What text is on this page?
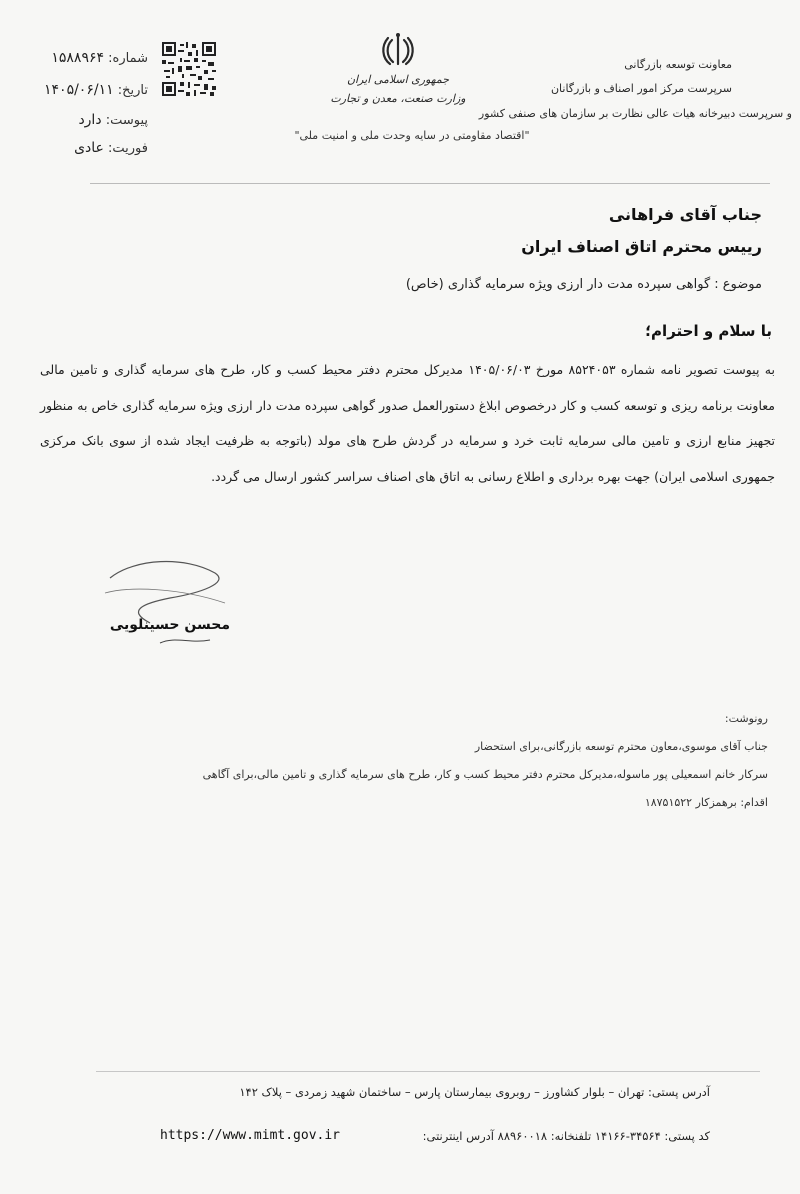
شماره: ۱۵۸۸۹۶۴
تاریخ: ۱۴۰۵/۰۶/۱۱
پیوست: دارد
فوریت: عادی
جمهوری اسلامی ایران
وزارت صنعت، معدن و تجارت
معاونت توسعه بازرگانی
سرپرست مرکز امور اصناف و بازرگانان
و سرپرست دبیرخانه هیات عالی نظارت بر سازمان های صنفی کشور
"اقتصاد مقاومتی در سایه وحدت ملی و امنیت ملی"
جناب آقای فراهانی
رییس محترم اتاق اصناف ایران
موضوع : گواهی سپرده مدت دار ارزی ویژه سرمایه گذاری (خاص)
با سلام و احترام؛
به پیوست تصویر نامه شماره ۸۵۲۴۰۵۳ مورخ ۱۴۰۵/۰۶/۰۳ مدیرکل محترم دفتر محیط کسب و کار، طرح های سرمایه گذاری و تامین مالی معاونت برنامه ریزی و توسعه کسب و کار درخصوص ابلاغ دستورالعمل صدور گواهی سپرده مدت دار ارزی ویژه سرمایه گذاری خاص به منظور تجهیز منابع ارزی و تامین مالی سرمایه ثابت خرد و سرمایه در گردش طرح های مولد (باتوجه به ظرفیت ایجاد شده از سوی بانک مرکزی جمهوری اسلامی ایران) جهت بهره برداری و اطلاع رسانی به اتاق های اصناف سراسر کشور ارسال می گردد.
محسن حسینلویی
رونوشت:
جناب آقای موسوی،معاون محترم توسعه بازرگانی،برای استحضار
سرکار خانم اسمعیلی پور ماسوله،مدیرکل محترم دفتر محیط کسب و کار، طرح های سرمایه گذاری و تامین مالی،برای آگاهی
اقدام: برهمزکار ۱۸۷۵۱۵۲۲
آدرس پستی: تهران – بلوار کشاورز – روبروی بیمارستان پارس – ساختمان شهید زمردی – پلاک ۱۴۲
کد پستی: ۳۴۵۶۴-۱۴۱۶۶ تلفنخانه: ۸۸۹۶۰۰۱۸ آدرس اینترنتی:
https://www.mimt.gov.ir
